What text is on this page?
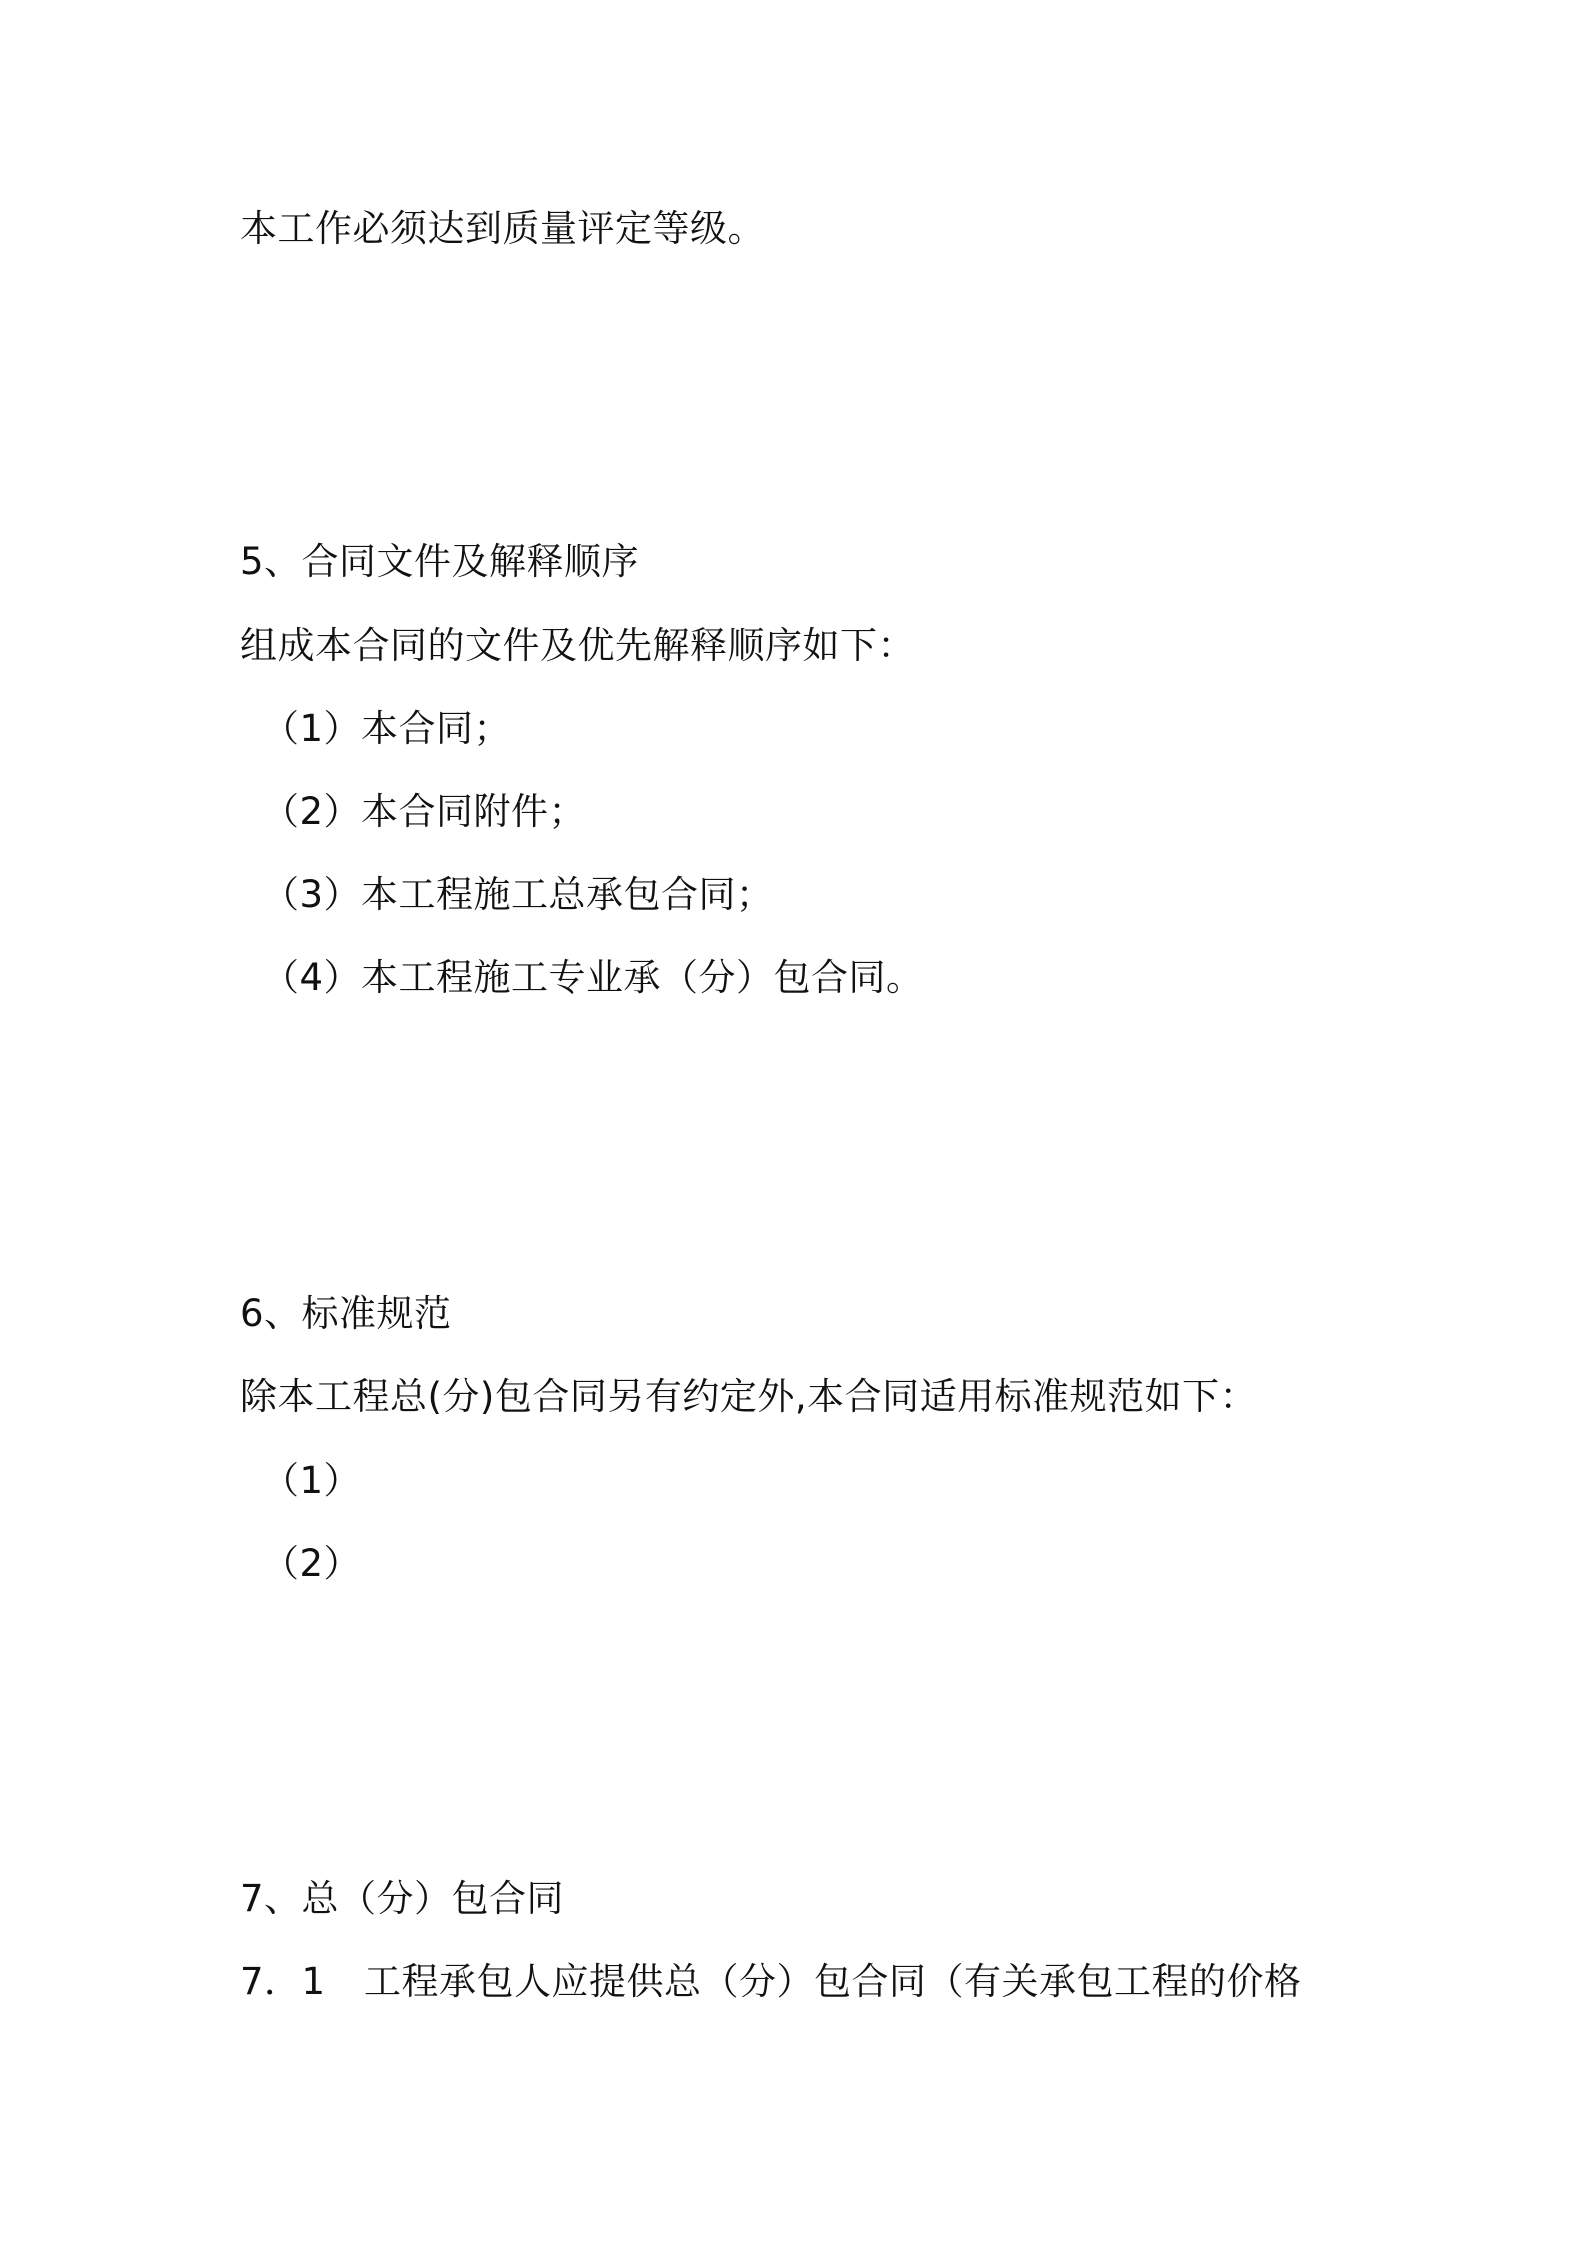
本工作必须达到质量评定等级。
5、合同文件及解释顺序
组成本合同的文件及优先解释顺序如下：
（1）本合同；
（2）本合同附件；
（3）本工程施工总承包合同；
（4）本工程施工专业承（分）包合同。
6、标准规范
除本工程总(分)包合同另有约定外,本合同适用标准规范如下：
（1）
（2）
7、总（分）包合同
7．1 工程承包人应提供总（分）包合同（有关承包工程的价格
